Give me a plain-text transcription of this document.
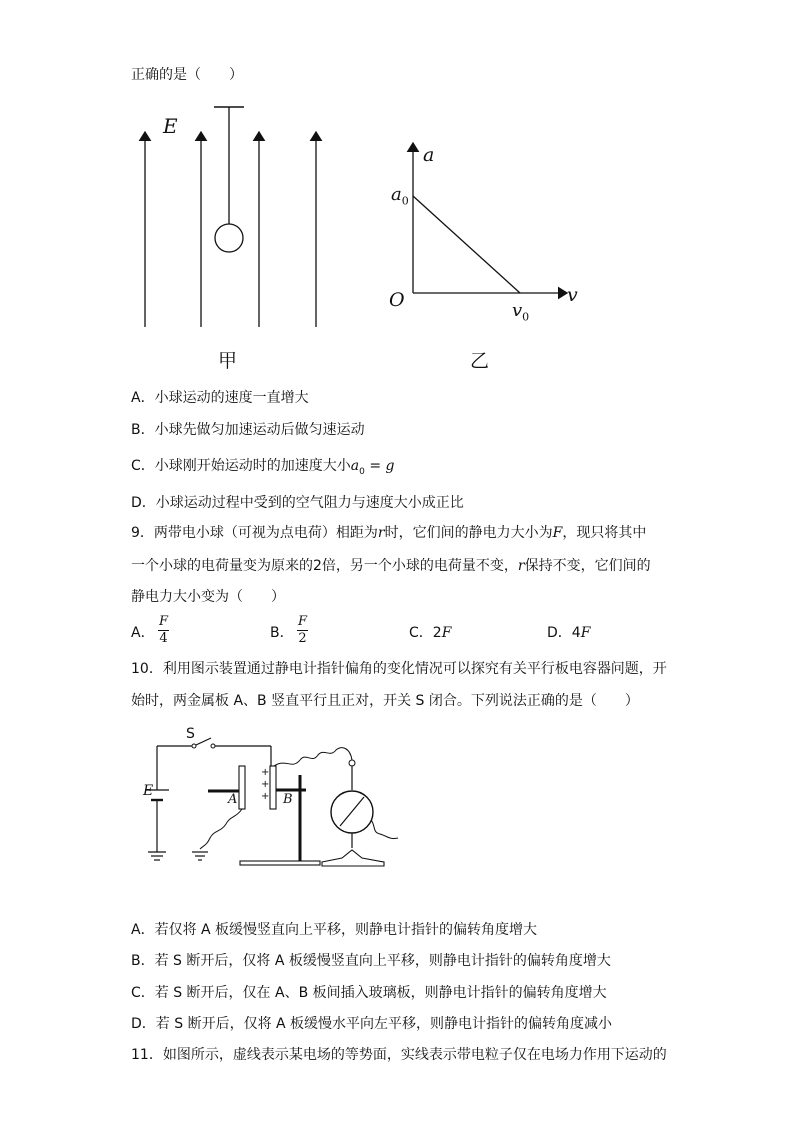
正确的是（　　）
E
甲
a
$a_0$
O	v
$v_0$
乙
A．小球运动的速度一直增大
B．小球先做匀加速运动后做匀速运动
C．小球刚开始运动时的加速度大小$a_0 = g$
D．小球运动过程中受到的空气阻力与速度大小成正比
9．两带电小球（可视为点电荷）相距为r时，它们间的静电力大小为F，现只将其中
一个小球的电荷量变为原来的2倍，另一个小球的电荷量不变，r保持不变，它们间的
静电力大小变为（　　）
A． $\frac{F}{4}$	B． $\frac{F}{2}$	C．2F	D．4F
10．利用图示装置通过静电计指针偏角的变化情况可以探究有关平行板电容器问题，开
始时，两金属板 A、B 竖直平行且正对，开关 S 闭合。下列说法正确的是（　　）
S
E
A	B
+
+
+
A．若仅将 A 板缓慢竖直向上平移，则静电计指针的偏转角度增大
B．若 S 断开后，仅将 A 板缓慢竖直向上平移，则静电计指针的偏转角度增大
C．若 S 断开后，仅在 A、B 板间插入玻璃板，则静电计指针的偏转角度增大
D．若 S 断开后，仅将 A 板缓慢水平向左平移，则静电计指针的偏转角度减小
11．如图所示，虚线表示某电场的等势面，实线表示带电粒子仅在电场力作用下运动的
